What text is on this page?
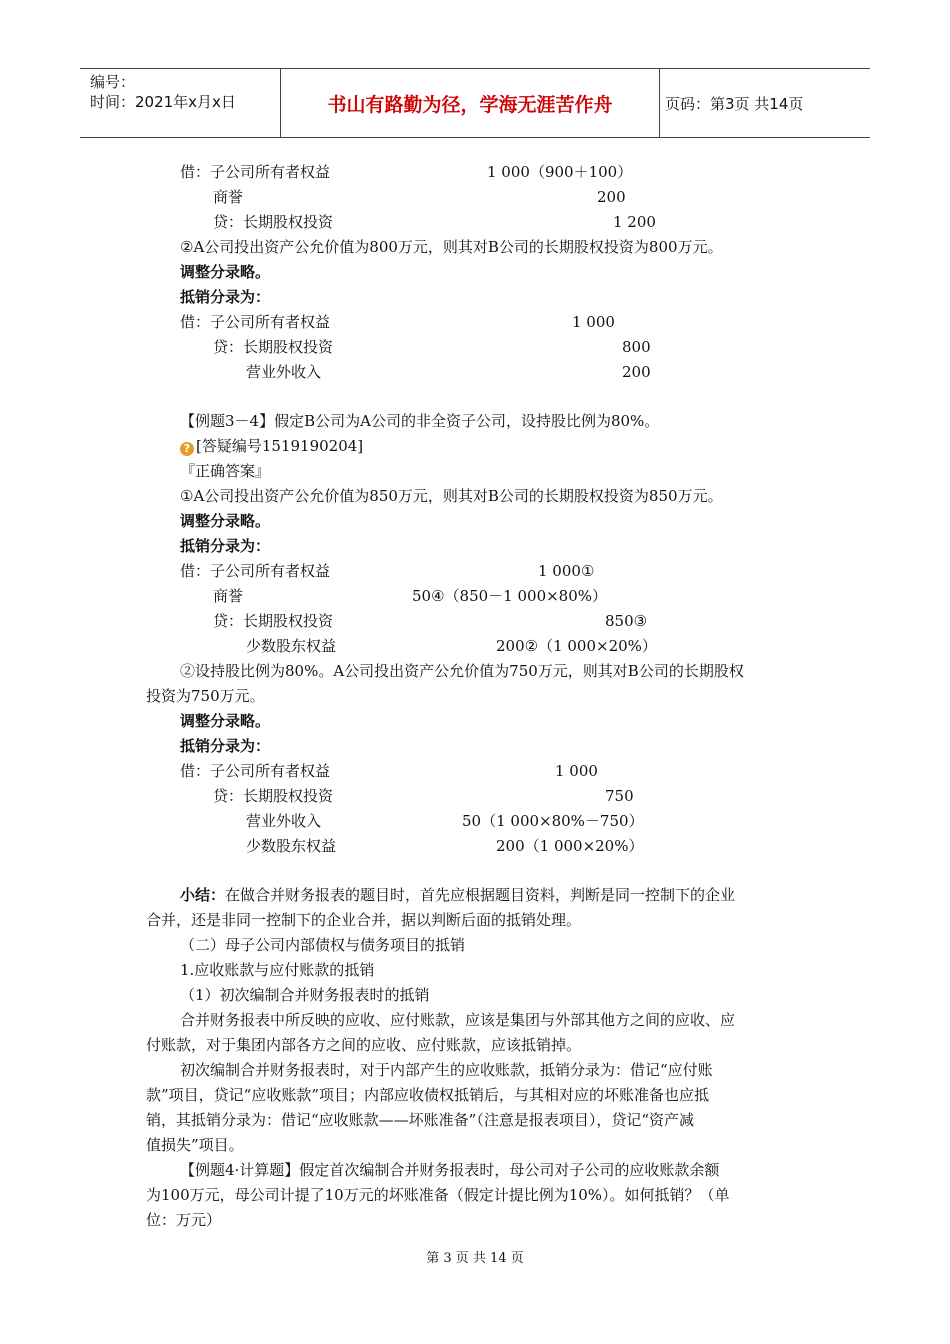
编号：
时间：2021年x月x日	书山有路勤为径，学海无涯苦作舟	页码：第3页 共14页
借：子公司所有者权益	1 000（900＋100）
商誉	200
贷：长期股权投资	1 200
②A公司投出资产公允价值为800万元，则其对B公司的长期股权投资为800万元。
调整分录略。
抵销分录为：
借：子公司所有者权益	1 000
贷：长期股权投资	800
营业外收入	200
【例题3－4】假定B公司为A公司的非全资子公司，设持股比例为80%。
? [答疑编号1519190204]
『正确答案』
①A公司投出资产公允价值为850万元，则其对B公司的长期股权投资为850万元。
调整分录略。
抵销分录为：
借：子公司所有者权益	1 000①
商誉	50④（850－1 000×80%）
贷：长期股权投资	850③
少数股东权益	200②（1 000×20%）
②设持股比例为80%。A公司投出资产公允价值为750万元，则其对B公司的长期股权
投资为750万元。
调整分录略。
抵销分录为：
借：子公司所有者权益	1 000
贷：长期股权投资	750
营业外收入	50（1 000×80%－750）
少数股东权益	200（1 000×20%）
小结：在做合并财务报表的题目时，首先应根据题目资料，判断是同一控制下的企业
合并，还是非同一控制下的企业合并，据以判断后面的抵销处理。
（二）母子公司内部债权与债务项目的抵销
1.应收账款与应付账款的抵销
（1）初次编制合并财务报表时的抵销
合并财务报表中所反映的应收、应付账款，应该是集团与外部其他方之间的应收、应
付账款，对于集团内部各方之间的应收、应付账款，应该抵销掉。
初次编制合并财务报表时，对于内部产生的应收账款，抵销分录为：借记“应付账
款”项目，贷记“应收账款”项目；内部应收债权抵销后，与其相对应的坏账准备也应抵
销，其抵销分录为：借记“应收账款——坏账准备”（注意是报表项目），贷记“资产减
值损失”项目。
【例题4·计算题】假定首次编制合并财务报表时，母公司对子公司的应收账款余额
为100万元，母公司计提了10万元的坏账准备（假定计提比例为10%）。如何抵销？（单
位：万元）
第 3 页 共 14 页
